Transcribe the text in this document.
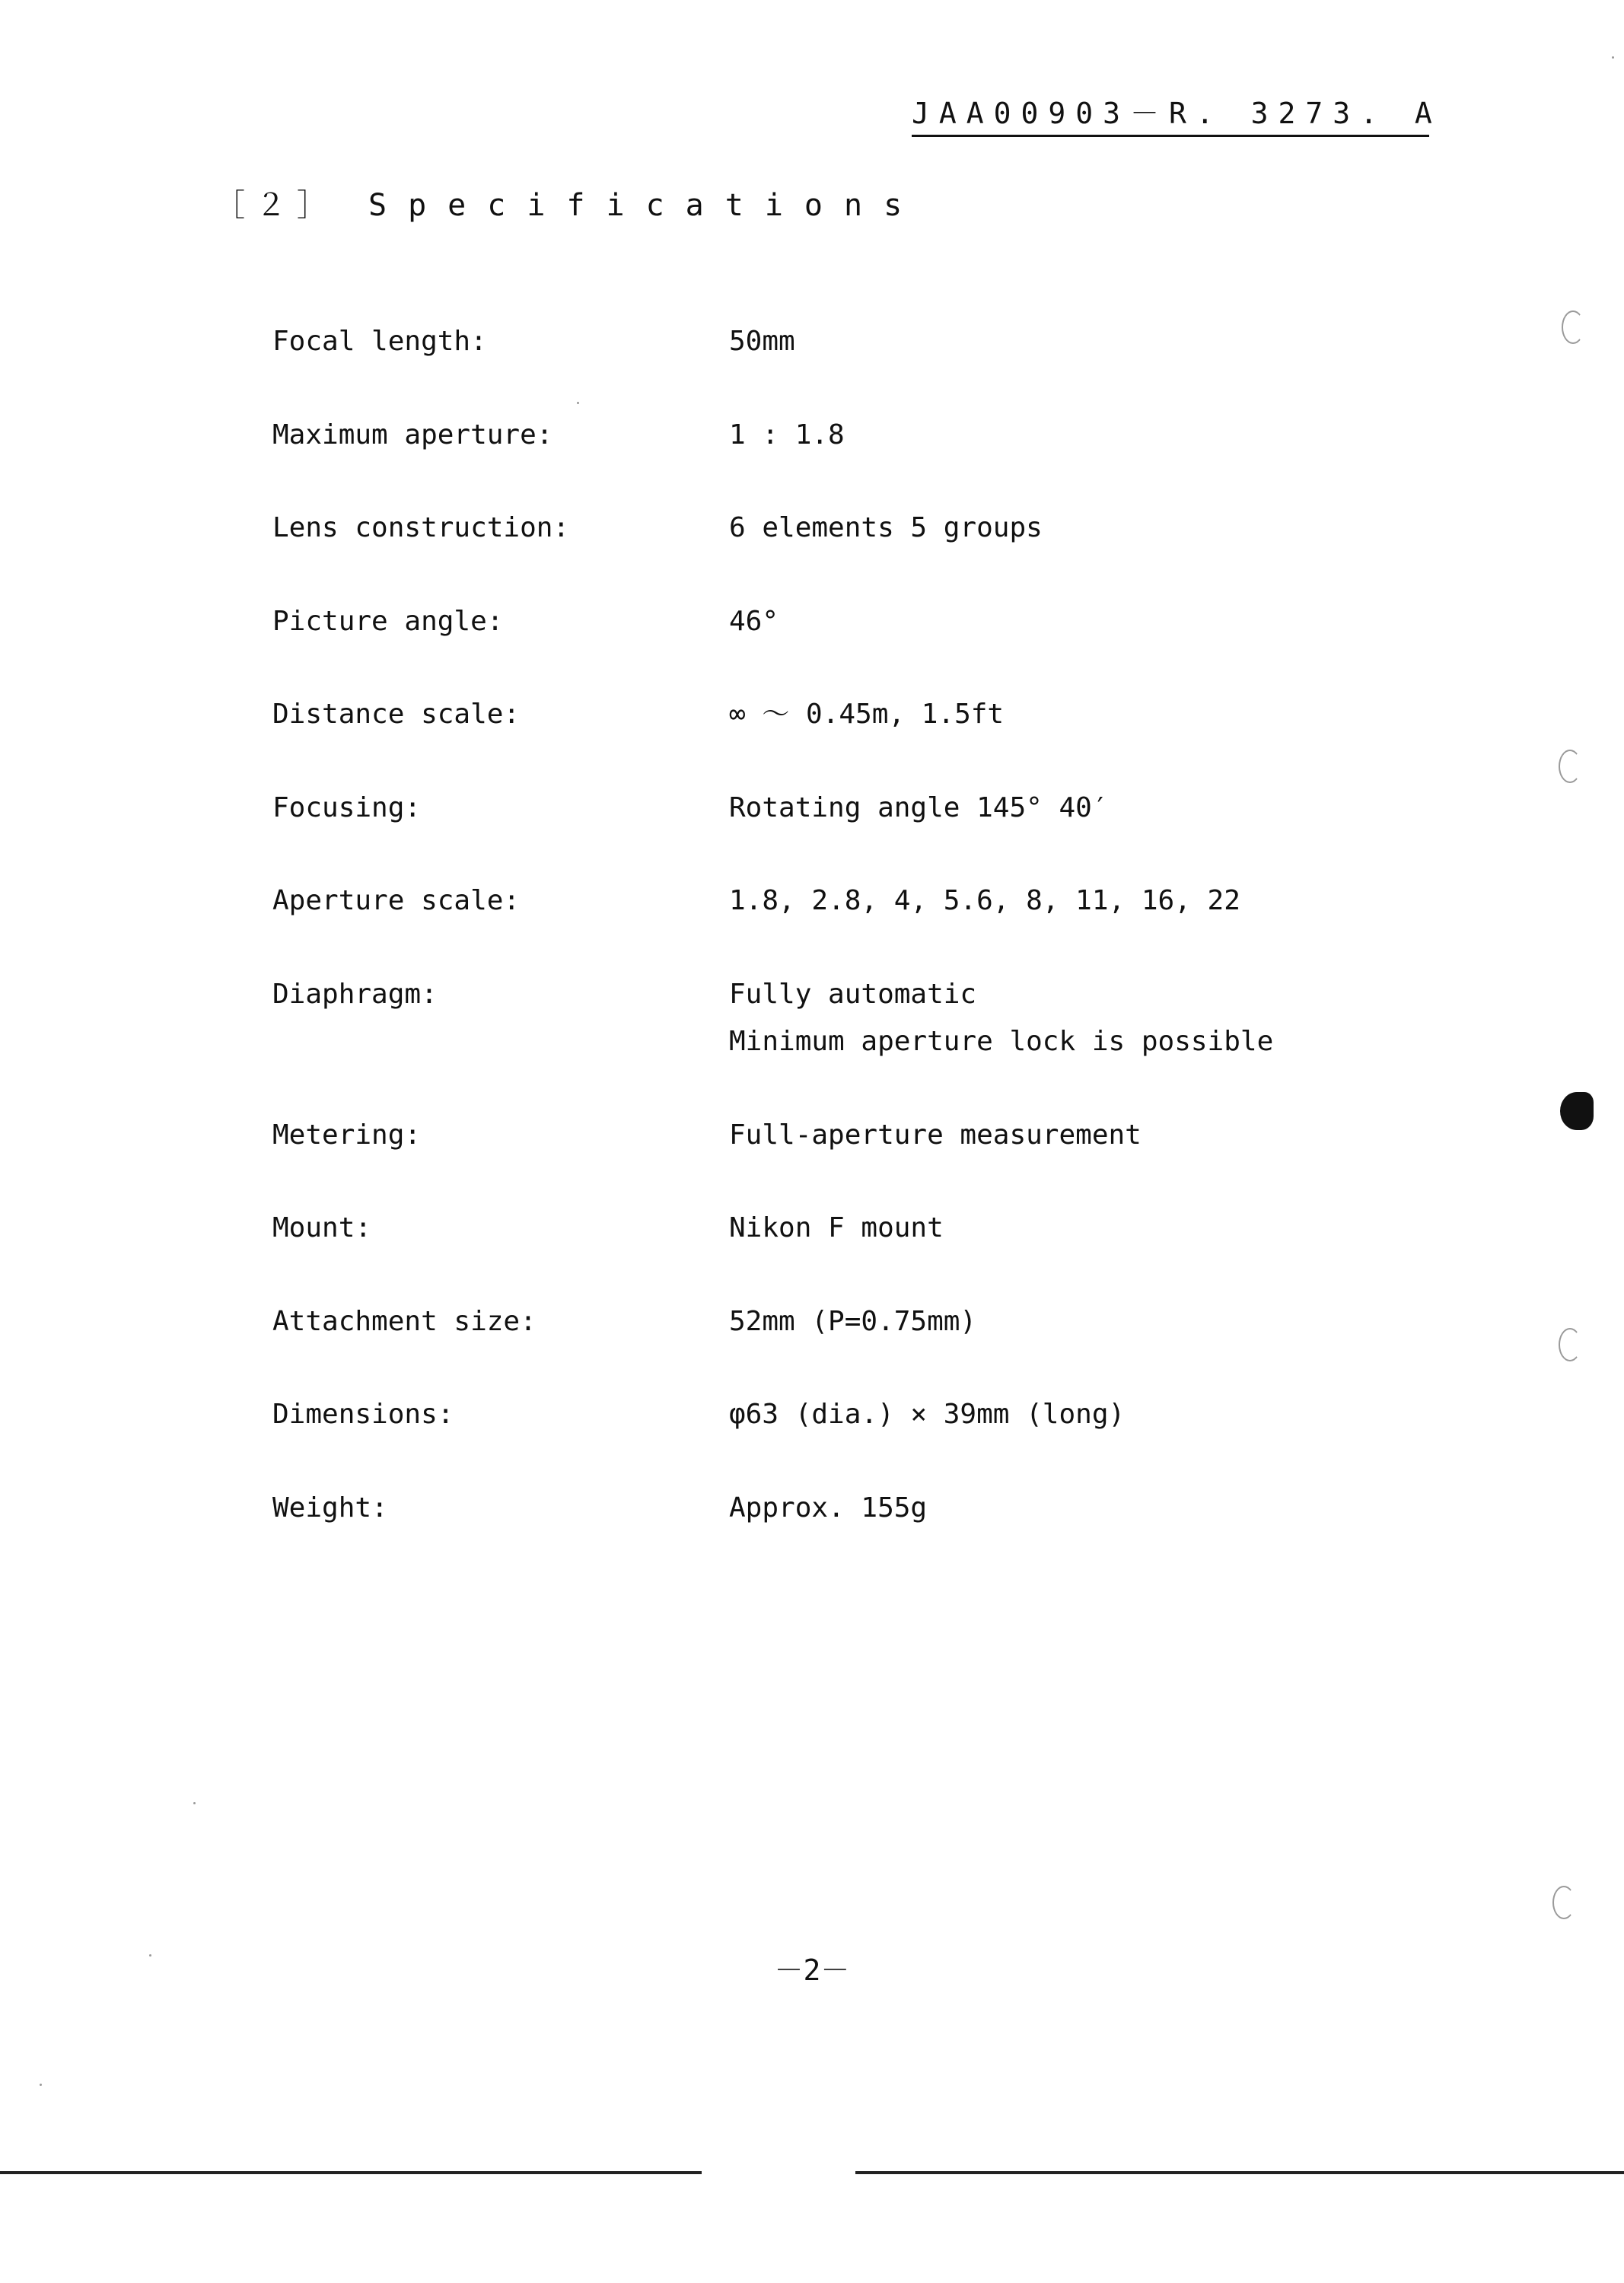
JAA00903－R. 3273. A
［２］ Specifications
Focal length:	50mm
Maximum aperture:	1 : 1.8
Lens construction:	6 elements 5 groups
Picture angle:	46°
Distance scale:	∞ ～ 0.45m, 1.5ft
Focusing:	Rotating angle 145° 40′
Aperture scale:	1.8, 2.8, 4, 5.6, 8, 11, 16, 22
Diaphragm:	Fully automatic
Minimum aperture lock is possible
Metering:	Full-aperture measurement
Mount:	Nikon F mount
Attachment size:	52mm (P=0.75mm)
Dimensions:	φ63 (dia.) × 39mm (long)
Weight:	Approx. 155g
－2－
